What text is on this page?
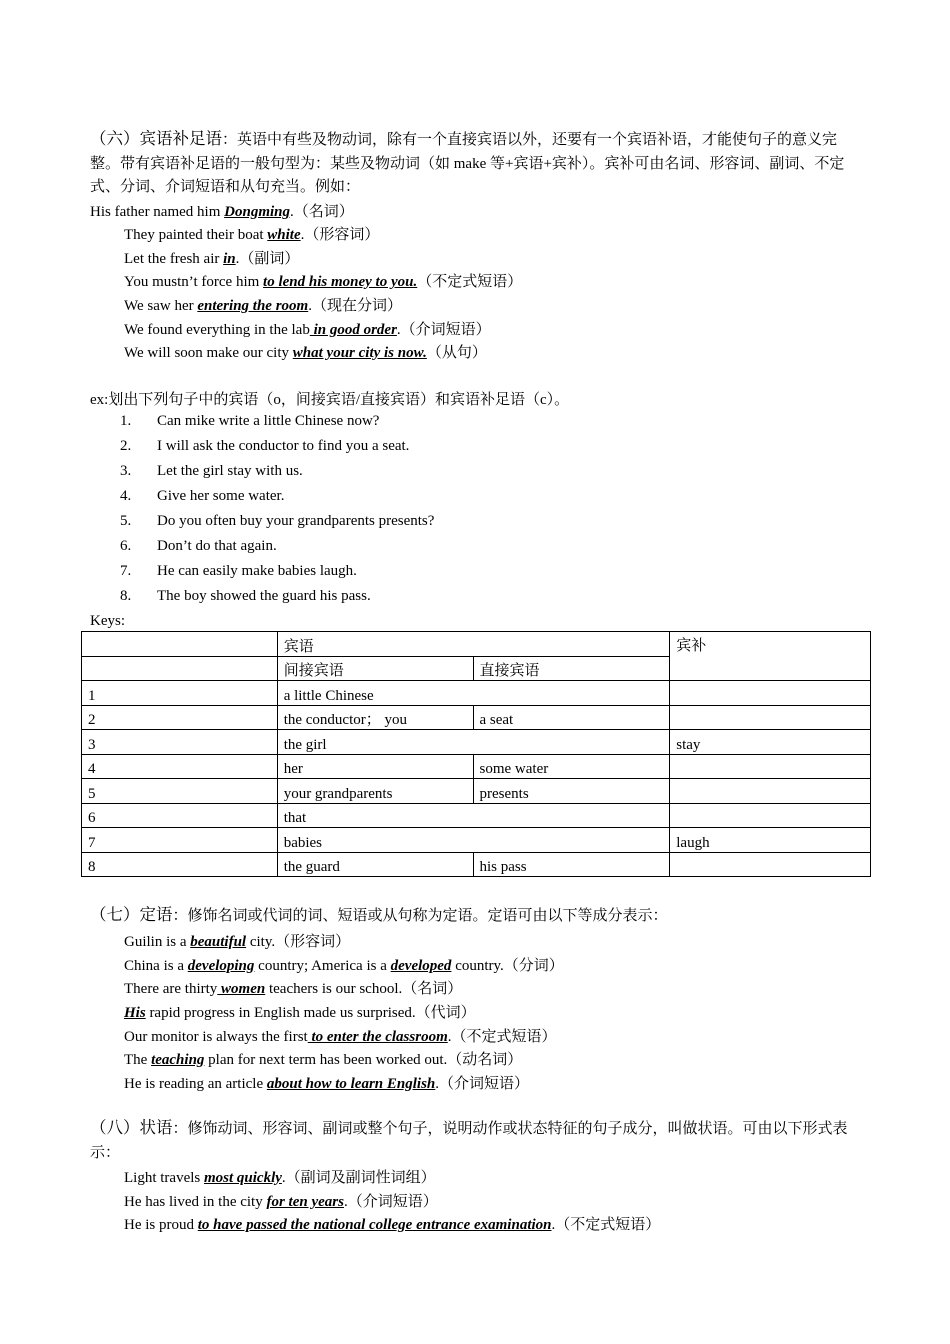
（六）宾语补足语：英语中有些及物动词，除有一个直接宾语以外，还要有一个宾语补语，才能使句子的意义完整。带有宾语补足语的一般句型为：某些及物动词（如 make 等+宾语+宾补）。宾补可由名词、形容词、副词、不定式、分词、介词短语和从句充当。例如：
His father named him Dongming.（名词）
They painted their boat white.（形容词）
Let the fresh air in.（副词）
You mustn’t force him to lend his money to you.（不定式短语）
We saw her entering the room.（现在分词）
We found everything in the lab in good order.（介词短语）
We will soon make our city what your city is now.（从句）
ex:划出下列句子中的宾语（o，间接宾语/直接宾语）和宾语补足语（c）。
1. Can mike write a little Chinese now?
2. I will ask the conductor to find you a seat.
3. Let the girl stay with us.
4. Give her some water.
5. Do you often buy your grandparents presents?
6. Don’t do that again.
7. He can easily make babies laugh.
8. The boy showed the guard his pass.
Keys:
	宾语		宾补
	间接宾语	直接宾语	
1	a little Chinese		
2	the conductor； you	a seat	
3	the girl		stay
4	her	some water	
5	your grandparents	presents	
6	that		
7	babies		laugh
8	the guard	his pass	
（七）定语：修饰名词或代词的词、短语或从句称为定语。定语可由以下等成分表示：
Guilin is a beautiful city.（形容词）
China is a developing country; America is a developed country.（分词）
There are thirty women teachers is our school.（名词）
His rapid progress in English made us surprised.（代词）
Our monitor is always the first to enter the classroom.（不定式短语）
The teaching plan for next term has been worked out.（动名词）
He is reading an article about how to learn English.（介词短语）
（八）状语：修饰动词、形容词、副词或整个句子，说明动作或状态特征的句子成分，叫做状语。可由以下形式表示：
Light travels most quickly.（副词及副词性词组）
He has lived in the city for ten years.（介词短语）
He is proud to have passed the national college entrance examination.（不定式短语）
